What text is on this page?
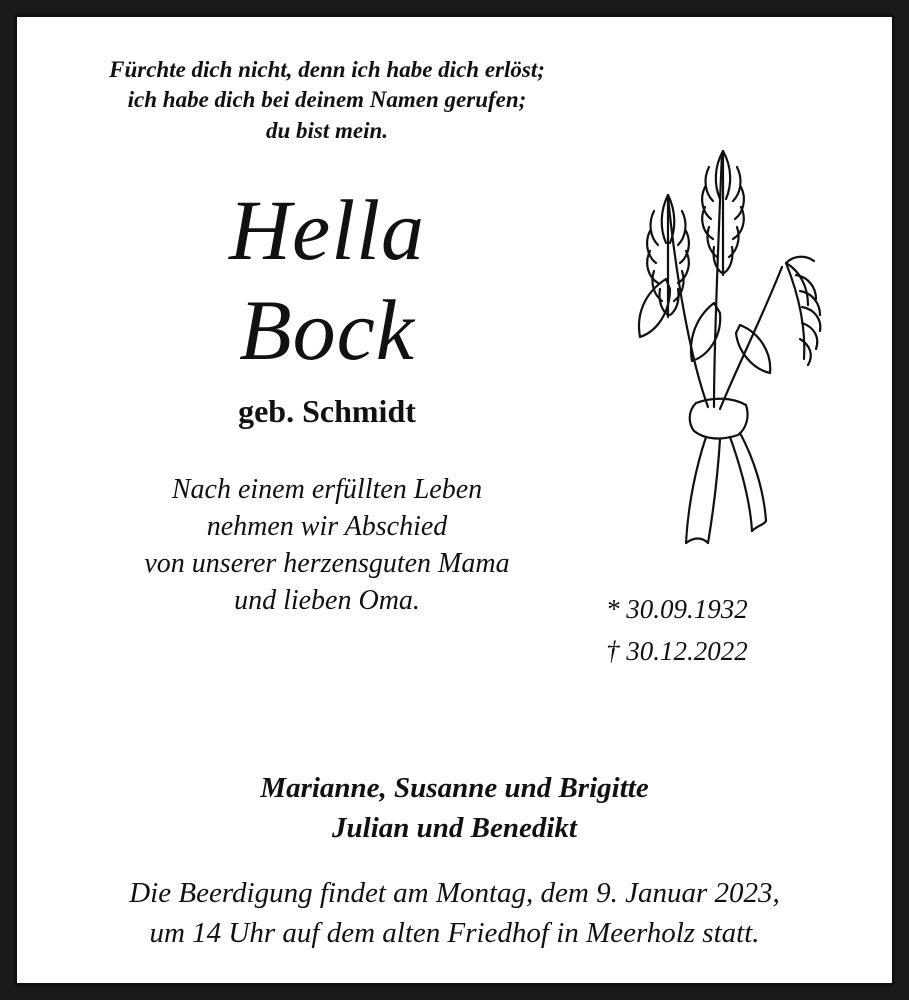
Fürchte dich nicht, denn ich habe dich erlöst;
ich habe dich bei deinem Namen gerufen;
du bist mein.
Hella
Bock
geb. Schmidt
Nach einem erfüllten Leben
nehmen wir Abschied
von unserer herzensguten Mama
und lieben Oma.	* 30.09.1932
† 30.12.2022
Marianne, Susanne und Brigitte
Julian und Benedikt
Die Beerdigung findet am Montag, dem 9. Januar 2023,
um 14 Uhr auf dem alten Friedhof in Meerholz statt.
